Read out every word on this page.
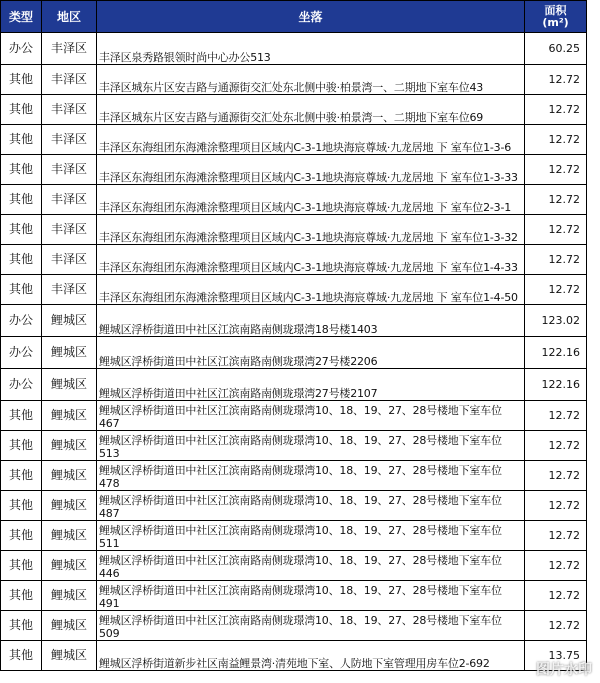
类型	地区	坐落	面积
(m²)

办公	丰泽区	丰泽区泉秀路银领时尚中心办公513	60.25
其他	丰泽区	丰泽区城东片区安吉路与通源街交汇处东北侧中骏·柏景湾一、二期地下室车位43	12.72
其他	丰泽区	丰泽区城东片区安吉路与通源街交汇处东北侧中骏·柏景湾一、二期地下室车位69	12.72
其他	丰泽区	丰泽区东海组团东海滩涂整理项目区域内C-3-1地块海宸尊域·九龙居地 下 室车位1-3-6	12.72
其他	丰泽区	丰泽区东海组团东海滩涂整理项目区域内C-3-1地块海宸尊域·九龙居地 下 室车位1-3-33	12.72
其他	丰泽区	丰泽区东海组团东海滩涂整理项目区域内C-3-1地块海宸尊域·九龙居地 下 室车位2-3-1	12.72
其他	丰泽区	丰泽区东海组团东海滩涂整理项目区域内C-3-1地块海宸尊域·九龙居地 下 室车位1-3-32	12.72
其他	丰泽区	丰泽区东海组团东海滩涂整理项目区域内C-3-1地块海宸尊域·九龙居地 下 室车位1-4-33	12.72
其他	丰泽区	丰泽区东海组团东海滩涂整理项目区域内C-3-1地块海宸尊域·九龙居地 下 室车位1-4-50	12.72
办公	鲤城区	鲤城区浮桥街道田中社区江滨南路南侧珑璟湾18号楼1403	123.02
办公	鲤城区	鲤城区浮桥街道田中社区江滨南路南侧珑璟湾27号楼2206	122.16
办公	鲤城区	鲤城区浮桥街道田中社区江滨南路南侧珑璟湾27号楼2107	122.16
其他	鲤城区	鲤城区浮桥街道田中社区江滨南路南侧珑璟湾10、18、19、27、28号楼地下室车位467	12.72
其他	鲤城区	鲤城区浮桥街道田中社区江滨南路南侧珑璟湾10、18、19、27、28号楼地下室车位513	12.72
其他	鲤城区	鲤城区浮桥街道田中社区江滨南路南侧珑璟湾10、18、19、27、28号楼地下室车位478	12.72
其他	鲤城区	鲤城区浮桥街道田中社区江滨南路南侧珑璟湾10、18、19、27、28号楼地下室车位487	12.72
其他	鲤城区	鲤城区浮桥街道田中社区江滨南路南侧珑璟湾10、18、19、27、28号楼地下室车位511	12.72
其他	鲤城区	鲤城区浮桥街道田中社区江滨南路南侧珑璟湾10、18、19、27、28号楼地下室车位446	12.72
其他	鲤城区	鲤城区浮桥街道田中社区江滨南路南侧珑璟湾10、18、19、27、28号楼地下室车位491	12.72
其他	鲤城区	鲤城区浮桥街道田中社区江滨南路南侧珑璟湾10、18、19、27、28号楼地下室车位509	12.72
其他	鲤城区	鲤城区浮桥街道新步社区南益鲤景湾·清苑地下室、人防地下室管理用房车位2-692	13.75
图片水印
